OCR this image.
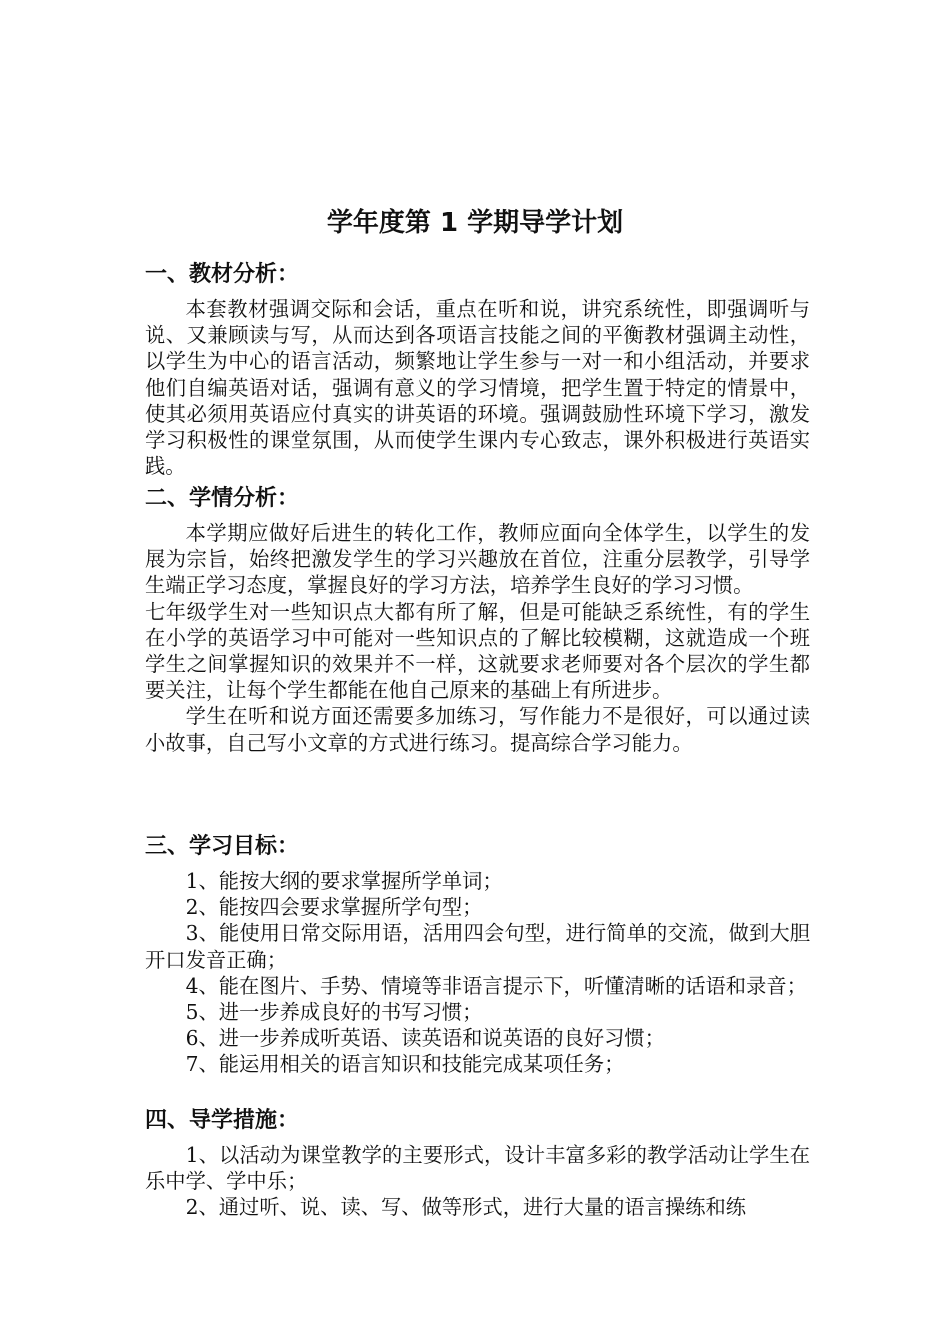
学年度第 1 学期导学计划
一、教材分析：

本套教材强调交际和会话，重点在听和说，讲究系统性，即强调听与说、又兼顾读与写，从而达到各项语言技能之间的平衡教材强调主动性，以学生为中心的语言活动，频繁地让学生参与一对一和小组活动，并要求他们自编英语对话，强调有意义的学习情境，把学生置于特定的情景中，使其必须用英语应付真实的讲英语的环境。强调鼓励性环境下学习，激发学习积极性的课堂氛围，从而使学生课内专心致志，课外积极进行英语实践。

二、学情分析：

本学期应做好后进生的转化工作，教师应面向全体学生，以学生的发展为宗旨，始终把激发学生的学习兴趣放在首位，注重分层教学，引导学生端正学习态度，掌握良好的学习方法，培养学生良好的学习习惯。

七年级学生对一些知识点大都有所了解，但是可能缺乏系统性，有的学生在小学的英语学习中可能对一些知识点的了解比较模糊，这就造成一个班学生之间掌握知识的效果并不一样，这就要求老师要对各个层次的学生都要关注，让每个学生都能在他自己原来的基础上有所进步。

学生在听和说方面还需要多加练习，写作能力不是很好，可以通过读小故事，自己写小文章的方式进行练习。提高综合学习能力。

三、学习目标：

1、能按大纲的要求掌握所学单词；

2、能按四会要求掌握所学句型；

3、能使用日常交际用语，活用四会句型，进行简单的交流，做到大胆开口发音正确；

4、能在图片、手势、情境等非语言提示下，听懂清晰的话语和录音；

5、进一步养成良好的书写习惯；

6、进一步养成听英语、读英语和说英语的良好习惯；

7、能运用相关的语言知识和技能完成某项任务；

四、导学措施：

1、以活动为课堂教学的主要形式，设计丰富多彩的教学活动让学生在乐中学、学中乐；

2、通过听、说、读、写、做等形式，进行大量的语言操练和练
